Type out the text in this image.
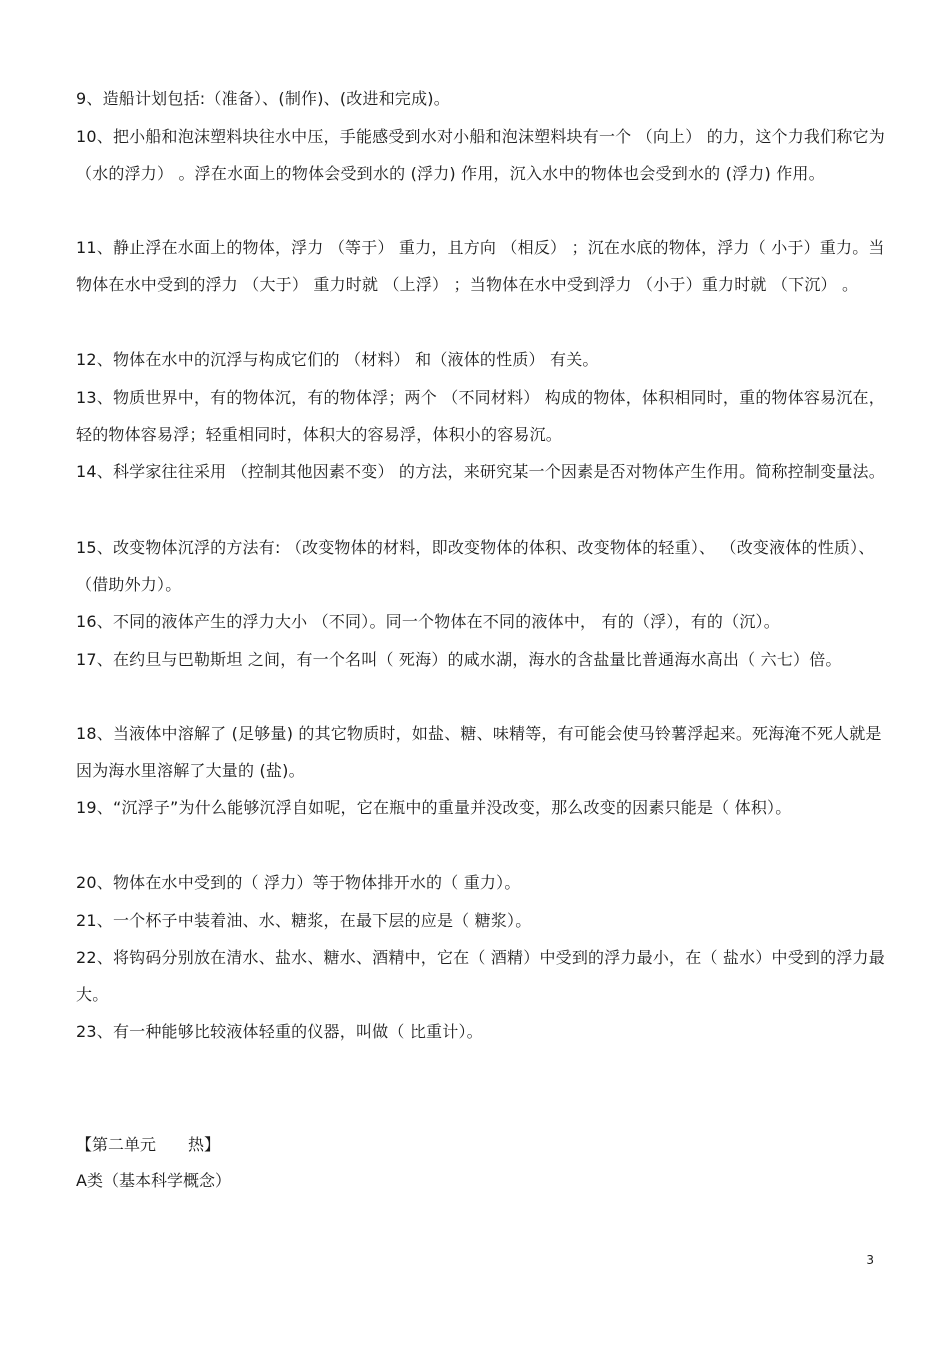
9、造船计划包括:（准备）、(制作)、(改进和完成)。
10、把小船和泡沫塑料块往水中压，手能感受到水对小船和泡沫塑料块有一个 （向上） 的力，这个力我们称它为 （水的浮力） 。浮在水面上的物体会受到水的 (浮力) 作用，沉入水中的物体也会受到水的 (浮力) 作用。
11、静止浮在水面上的物体，浮力 （等于） 重力，且方向 （相反） ；沉在水底的物体，浮力（ 小于）重力。当物体在水中受到的浮力 （大于） 重力时就 （上浮） ；当物体在水中受到浮力 （小于）重力时就 （下沉） 。
12、物体在水中的沉浮与构成它们的 （材料） 和（液体的性质） 有关。
13、物质世界中，有的物体沉，有的物体浮；两个 （不同材料） 构成的物体，体积相同时，重的物体容易沉在，轻的物体容易浮；轻重相同时，体积大的容易浮，体积小的容易沉。
14、科学家往往采用 （控制其他因素不变） 的方法，来研究某一个因素是否对物体产生作用。简称控制变量法。
15、改变物体沉浮的方法有: （改变物体的材料，即改变物体的体积、改变物体的轻重）、 （改变液体的性质）、（借助外力）。
16、不同的液体产生的浮力大小 （不同）。同一个物体在不同的液体中， 有的（浮），有的（沉）。
17、在约旦与巴勒斯坦 之间，有一个名叫（ 死海）的咸水湖，海水的含盐量比普通海水高出（ 六七）倍。
18、当液体中溶解了 (足够量) 的其它物质时，如盐、糖、味精等，有可能会使马铃薯浮起来。死海淹不死人就是因为海水里溶解了大量的 (盐)。
19、“沉浮子”为什么能够沉浮自如呢，它在瓶中的重量并没改变，那么改变的因素只能是（ 体积）。
20、物体在水中受到的（ 浮力）等于物体排开水的（ 重力）。
21、一个杯子中装着油、水、糖浆，在最下层的应是（ 糖浆）。
22、将钩码分别放在清水、盐水、糖水、酒精中，它在（ 酒精）中受到的浮力最小，在（ 盐水）中受到的浮力最大。
23、有一种能够比较液体轻重的仪器，叫做（ 比重计）。
【第二单元　　热】
A类（基本科学概念）
3
